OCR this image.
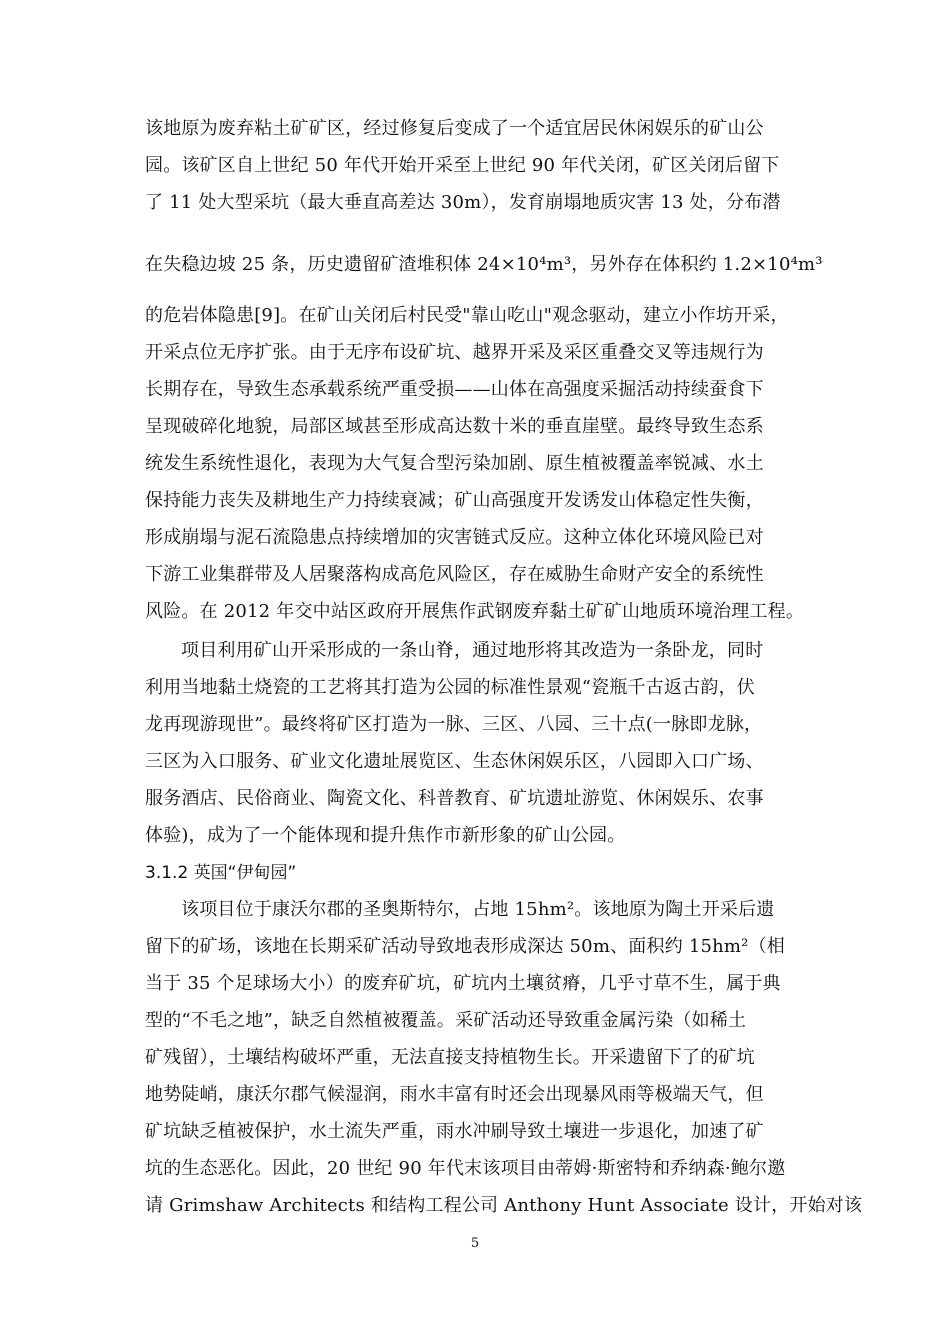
该地原为废弃粘土矿矿区，经过修复后变成了一个适宜居民休闲娱乐的矿山公
园。该矿区自上世纪 50 年代开始开采至上世纪 90 年代关闭，矿区关闭后留下
了 11 处大型采坑（最大垂直高差达 30m），发育崩塌地质灾害 13 处，分布潜
在失稳边坡 25 条，历史遗留矿渣堆积体 24×10⁴m³，另外存在体积约 1.2×10⁴m³
的危岩体隐患[9]。在矿山关闭后村民受"靠山吃山"观念驱动，建立小作坊开采，
开采点位无序扩张。由于无序布设矿坑、越界开采及采区重叠交叉等违规行为
长期存在，导致生态承载系统严重受损——山体在高强度采掘活动持续蚕食下
呈现破碎化地貌，局部区域甚至形成高达数十米的垂直崖壁。最终导致生态系
统发生系统性退化，表现为大气复合型污染加剧、原生植被覆盖率锐减、水土
保持能力丧失及耕地生产力持续衰减；矿山高强度开发诱发山体稳定性失衡，
形成崩塌与泥石流隐患点持续增加的灾害链式反应。这种立体化环境风险已对
下游工业集群带及人居聚落构成高危风险区，存在威胁生命财产安全的系统性
风险。在 2012 年交中站区政府开展焦作武钢废弃黏土矿矿山地质环境治理工程。
项目利用矿山开采形成的一条山脊，通过地形将其改造为一条卧龙，同时
利用当地黏土烧瓷的工艺将其打造为公园的标准性景观“瓷瓶千古返古韵，伏
龙再现游现世”。最终将矿区打造为一脉、三区、八园、三十点(一脉即龙脉，
三区为入口服务、矿业文化遗址展览区、生态休闲娱乐区，八园即入口广场、
服务酒店、民俗商业、陶瓷文化、科普教育、矿坑遗址游览、休闲娱乐、农事
体验)，成为了一个能体现和提升焦作市新形象的矿山公园。
3.1.2 英国“伊甸园”
该项目位于康沃尔郡的圣奥斯特尔，占地 15hm²。该地原为陶土开采后遗
留下的矿场，该地在长期采矿活动导致地表形成深达 50m、面积约 15hm²（相
当于 35 个足球场大小）的废弃矿坑，矿坑内土壤贫瘠，几乎寸草不生，属于典
型的“不毛之地”，缺乏自然植被覆盖。采矿活动还导致重金属污染（如稀土
矿残留），土壤结构破坏严重，无法直接支持植物生长。开采遗留下了的矿坑
地势陡峭，康沃尔郡气候湿润，雨水丰富有时还会出现暴风雨等极端天气，但
矿坑缺乏植被保护，水土流失严重，雨水冲刷导致土壤进一步退化，加速了矿
坑的生态恶化。因此，20 世纪 90 年代末该项目由蒂姆·斯密特和乔纳森·鲍尔邀
请 Grimshaw Architects 和结构工程公司 Anthony Hunt Associate 设计，开始对该
5
